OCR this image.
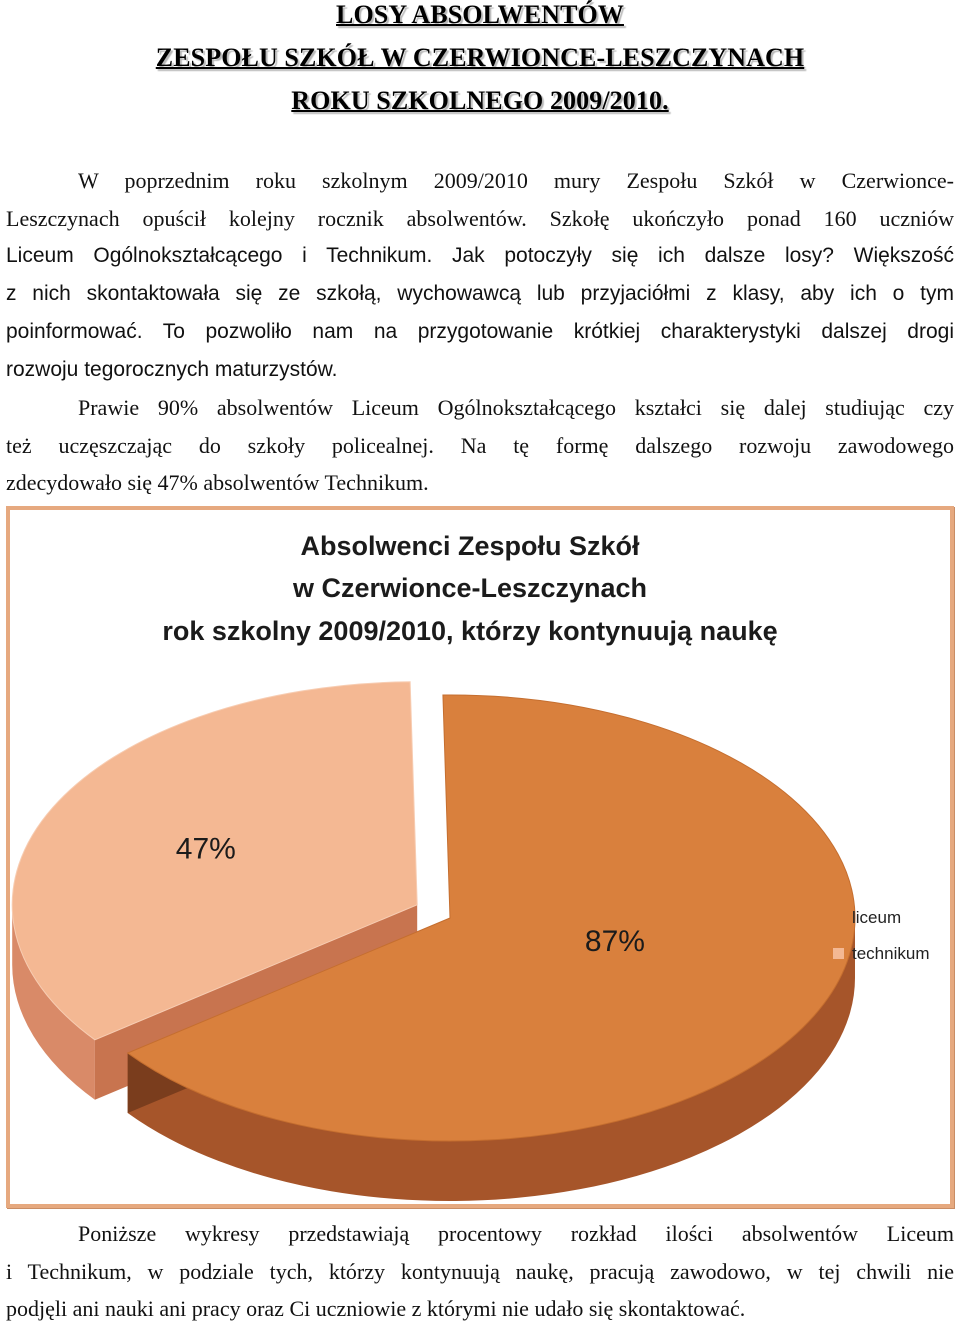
LOSY ABSOLWENTÓW
ZESPOŁU SZKÓŁ W CZERWIONCE-LESZCZYNACH
ROKU SZKOLNEGO 2009/2010.
W poprzednim roku szkolnym 2009/2010 mury Zespołu Szkół w Czerwionce-
Leszczynach opuścił kolejny rocznik absolwentów. Szkołę ukończyło ponad 160 uczniów
Liceum Ogólnokształcącego i Technikum. Jak potoczyły się ich dalsze losy? Większość
z nich skontaktowała się ze szkołą, wychowawcą lub przyjaciółmi z klasy, aby ich o tym
poinformować. To pozwoliło nam na przygotowanie krótkiej charakterystyki dalszej drogi
rozwoju tegorocznych maturzystów.
Prawie 90% absolwentów Liceum Ogólnokształcącego kształci się dalej studiując czy
też uczęszczając do szkoły policealnej. Na tę formę dalszego rozwoju zawodowego
zdecydowało się 47% absolwentów Technikum.
Absolwenci Zespołu Szkół
w Czerwionce-Leszczynach
rok szkolny 2009/2010, którzy kontynuują naukę
87%
47%
liceum
technikum
Poniższe wykresy przedstawiają procentowy rozkład ilości absolwentów Liceum
i Technikum, w podziale tych, którzy kontynuują naukę, pracują zawodowo, w tej chwili nie
podjęli ani nauki ani pracy oraz Ci uczniowie z którymi nie udało się skontaktować.
